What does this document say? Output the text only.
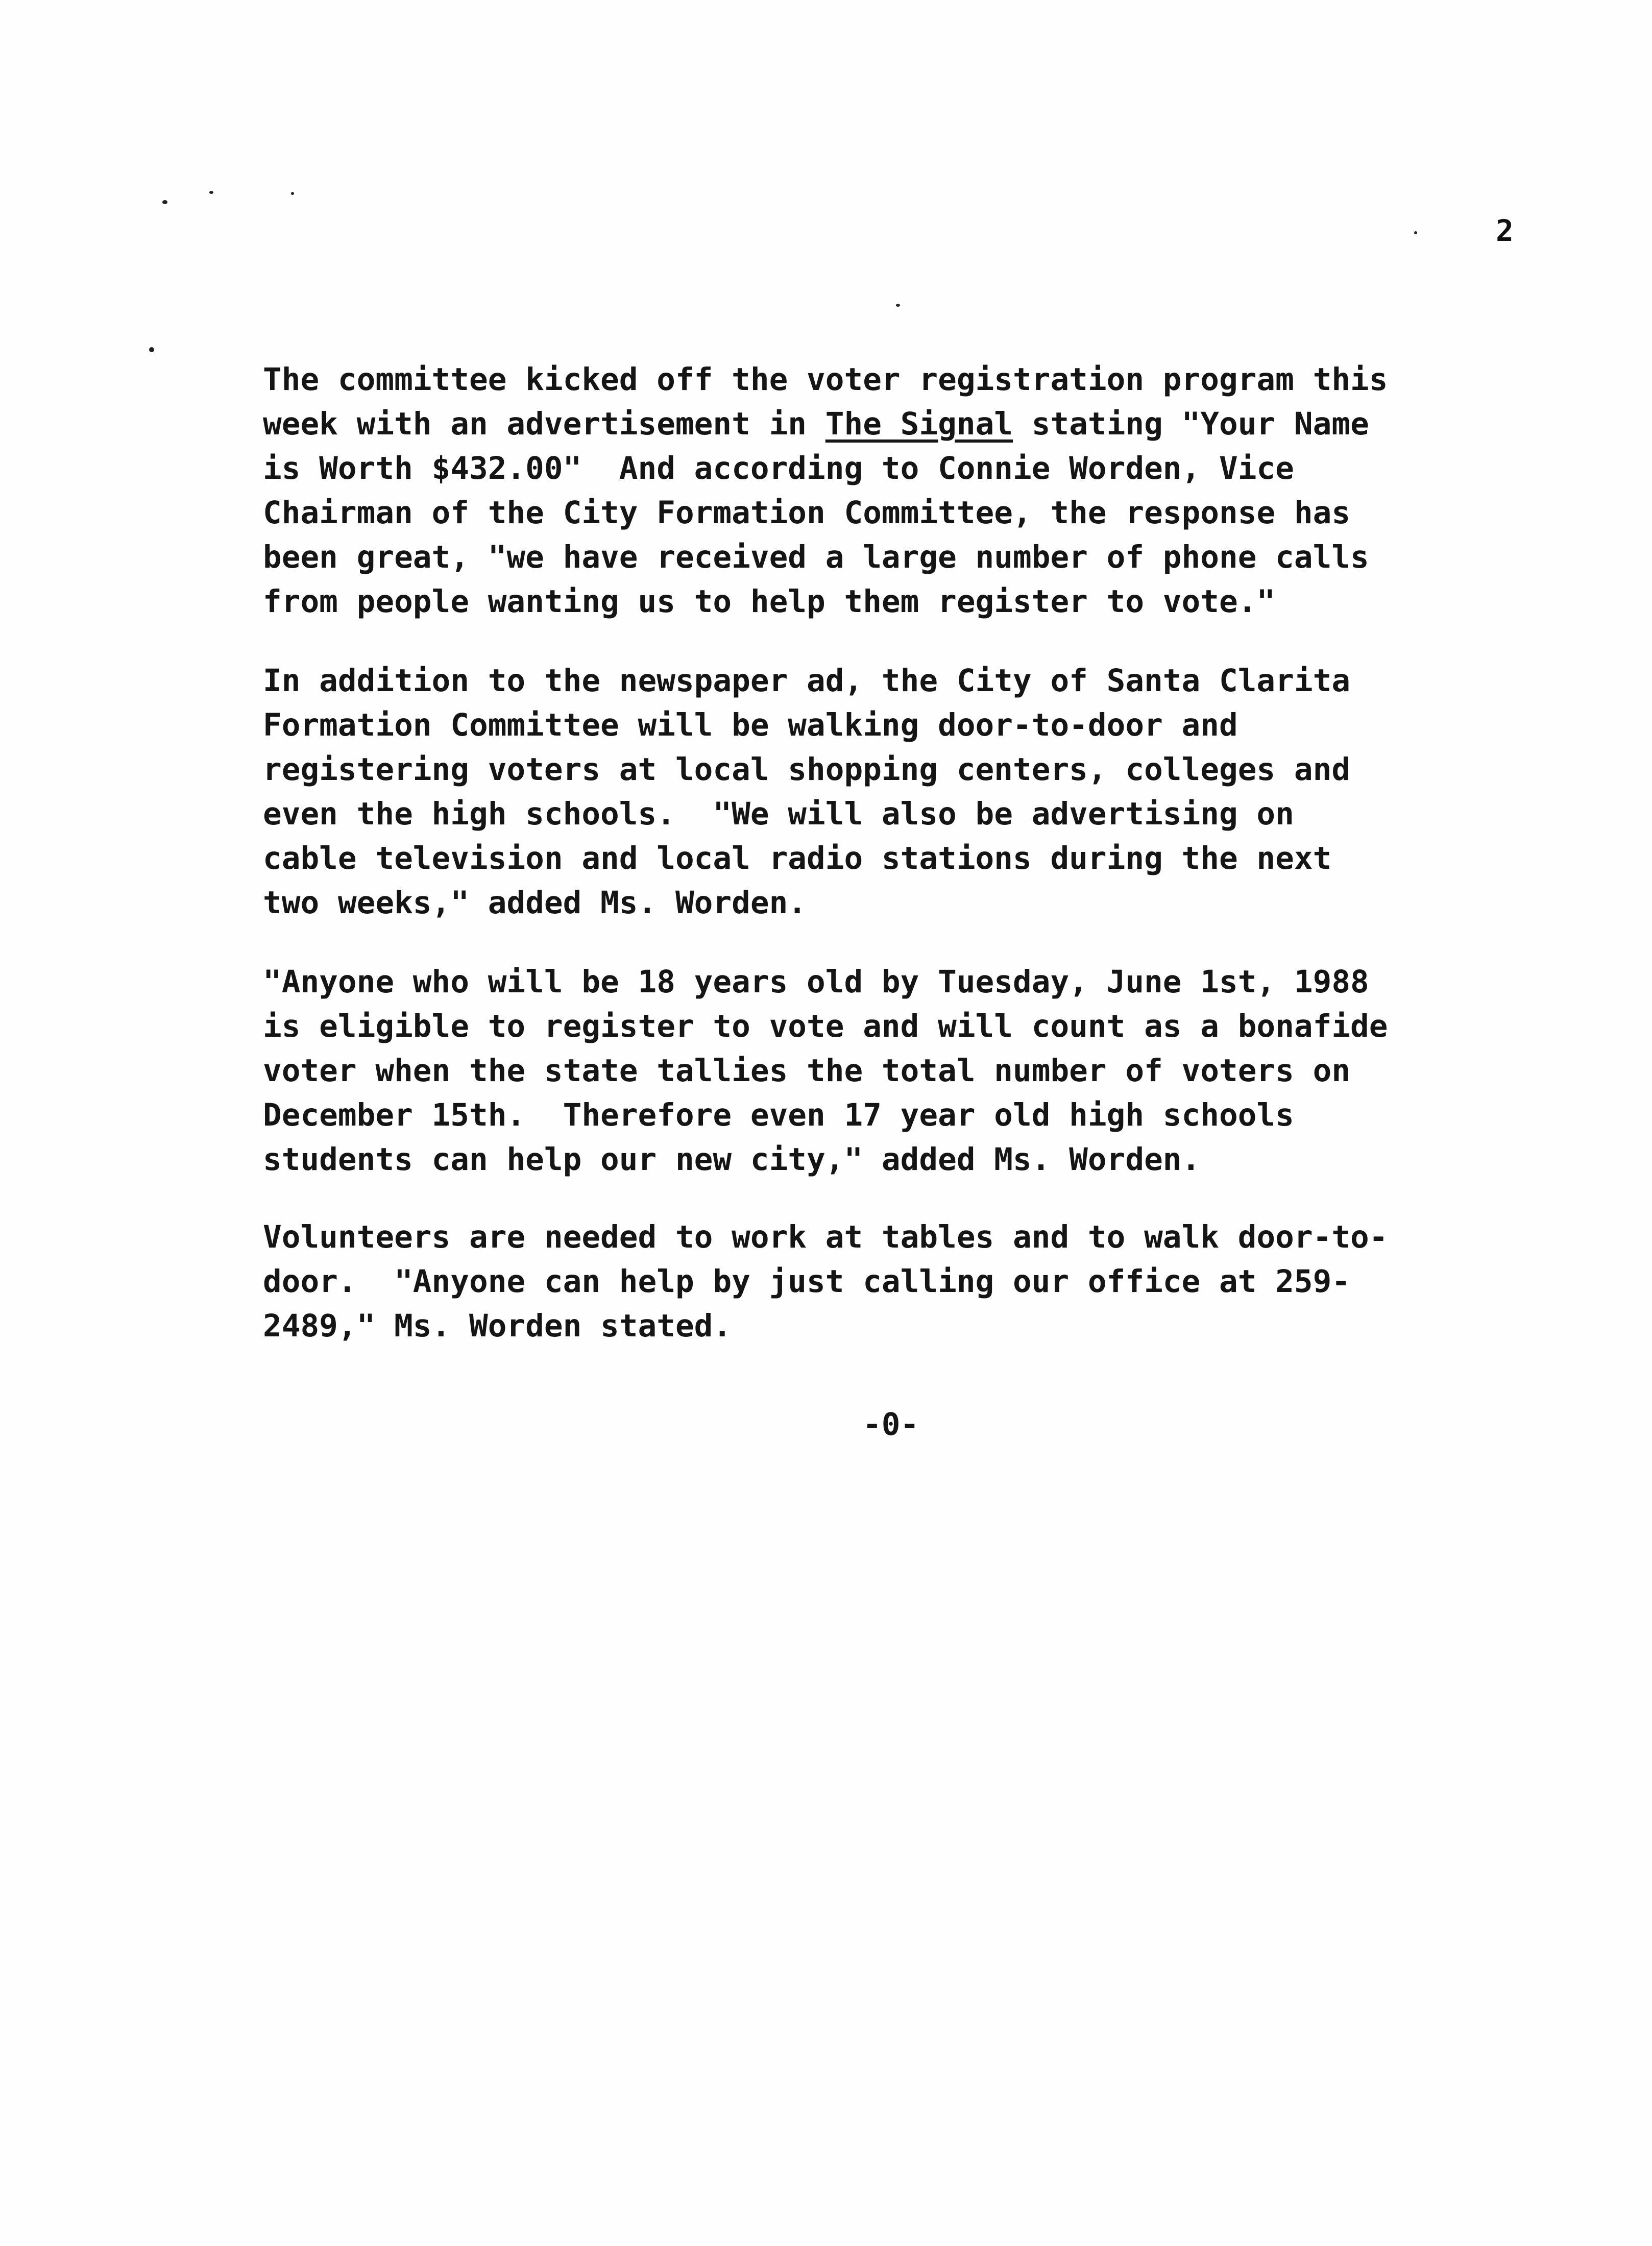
2
The committee kicked off the voter registration program this
week with an advertisement in The Signal stating "Your Name
is Worth $432.00"  And according to Connie Worden, Vice
Chairman of the City Formation Committee, the response has
been great, "we have received a large number of phone calls
from people wanting us to help them register to vote."
In addition to the newspaper ad, the City of Santa Clarita
Formation Committee will be walking door-to-door and
registering voters at local shopping centers, colleges and
even the high schools.  "We will also be advertising on
cable television and local radio stations during the next
two weeks," added Ms. Worden.
"Anyone who will be 18 years old by Tuesday, June 1st, 1988
is eligible to register to vote and will count as a bonafide
voter when the state tallies the total number of voters on
December 15th.  Therefore even 17 year old high schools
students can help our new city," added Ms. Worden.
Volunteers are needed to work at tables and to walk door-to-
door.  "Anyone can help by just calling our office at 259-
2489," Ms. Worden stated.
-0-
